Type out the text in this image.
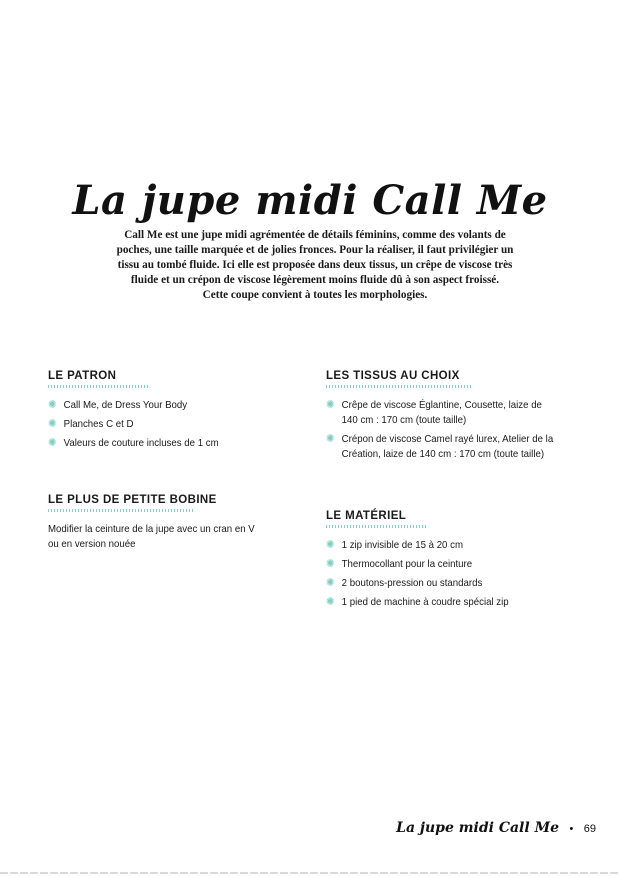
La jupe midi Call Me

Call Me est une jupe midi agrémentée de détails féminins, comme des volants de

poches, une taille marquée et de jolies fronces. Pour la réaliser, il faut privilégier un

tissu au tombé fluide. Ici elle est proposée dans deux tissus, un crêpe de viscose très

fluide et un crépon de viscose légèrement moins fluide dû à son aspect froissé.

Cette coupe convient à toutes les morphologies.

LE PATRON
✺ Call Me, de Dress Your Body
✺ Planches C et D
✺ Valeurs de couture incluses de 1 cm
LE PLUS DE PETITE BOBINE

Modifier la ceinture de la jupe avec un cran en V
ou en version nouée

LES TISSUS AU CHOIX
✺ Crêpe de viscose Églantine, Cousette, laize de
140 cm : 170 cm (toute taille)
✺ Crépon de viscose Camel rayé lurex, Atelier de la
Création, laize de 140 cm : 170 cm (toute taille)
LE MATÉRIEL
✺ 1 zip invisible de 15 à 20 cm
✺ Thermocollant pour la ceinture
✺ 2 boutons-pression ou standards
✺ 1 pied de machine à coudre spécial zip
La jupe midi Call Me • 69
